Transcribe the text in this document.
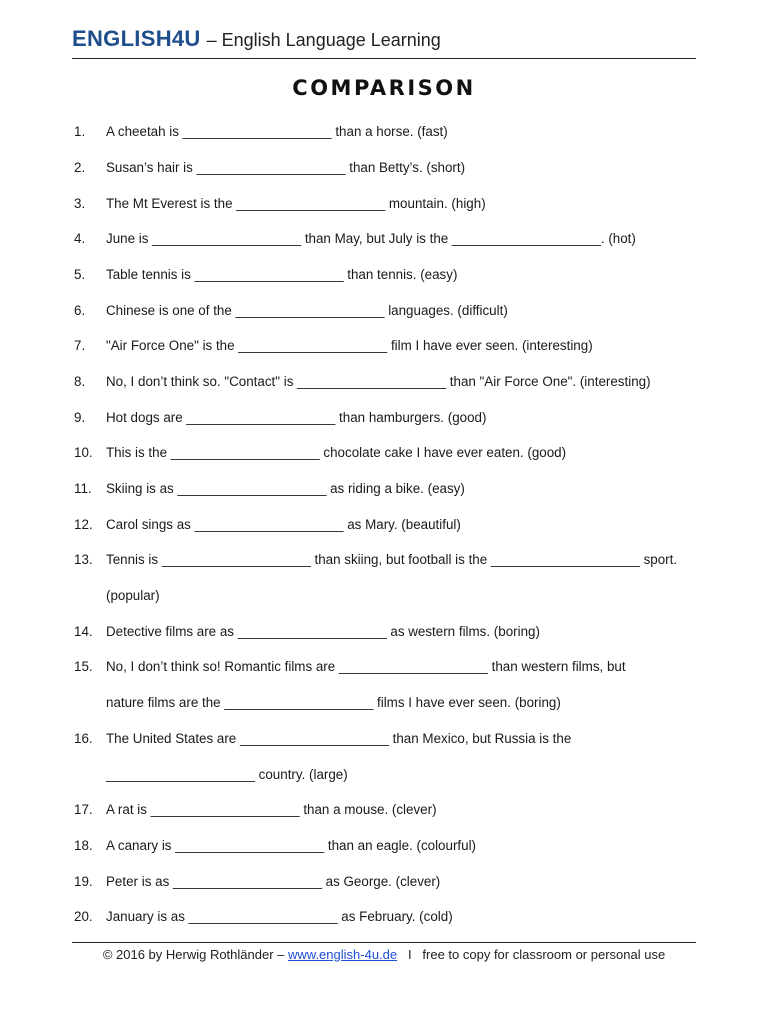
ENGLISH4U – English Language Learning
COMPARISON
1.	A cheetah is ____________________ than a horse. (fast)
2.	Susan’s hair is ____________________ than Betty’s. (short)
3.	The Mt Everest is the ____________________ mountain. (high)
4.	June is ____________________ than May, but July is the ____________________. (hot)
5.	Table tennis is ____________________ than tennis. (easy)
6.	Chinese is one of the ____________________ languages. (difficult)
7.	"Air Force One" is the ____________________ film I have ever seen. (interesting)
8.	No, I don’t think so. "Contact" is ____________________ than "Air Force One". (interesting)
9.	Hot dogs are ____________________ than hamburgers. (good)
10. This is the ____________________ chocolate cake I have ever eaten. (good)
11.	Skiing is as ____________________ as riding a bike. (easy)
12. Carol sings as ____________________ as Mary. (beautiful)
13. Tennis is ____________________ than skiing, but football is the ____________________ sport.
(popular)
14. Detective films are as ____________________ as western films. (boring)
15. No, I don’t think so! Romantic films are ____________________ than western films, but
nature films are the ____________________ films I have ever seen. (boring)
16. The United States are ____________________ than Mexico, but Russia is the
____________________ country. (large)
17. A rat is ____________________ than a mouse. (clever)
18. A canary is ____________________ than an eagle. (colourful)
19. Peter is as ____________________ as George. (clever)
20. January is as ____________________ as February. (cold)
© 2016 by Herwig Rothländer – www.english-4u.de   I   free to copy for classroom or personal use
